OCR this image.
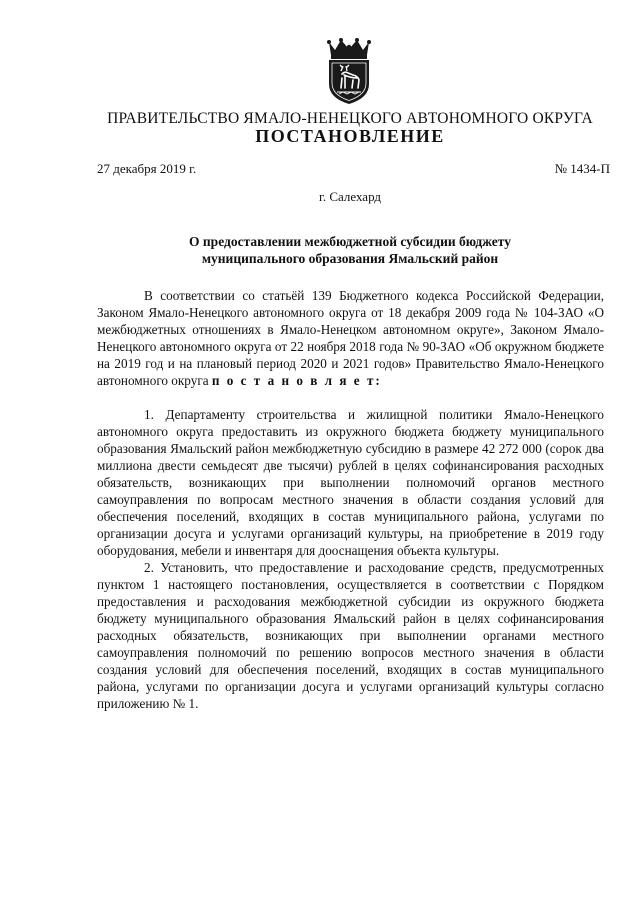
ПРАВИТЕЛЬСТВО ЯМАЛО-НЕНЕЦКОГО АВТОНОМНОГО ОКРУГА
ПОСТАНОВЛЕНИЕ
27 декабря 2019 г.	№ 1434-П
г. Салехард
О предоставлении межбюджетной субсидии бюджету
муниципального образования Ямальский район

В соответствии со статьёй 139 Бюджетного кодекса Российской Федерации, Законом Ямало-Ненецкого автономного округа от 18 декабря 2009 года № 104-ЗАО «О межбюджетных отношениях в Ямало-Ненецком автономном округе», Законом Ямало-Ненецкого автономного округа от 22 ноября 2018 года № 90-ЗАО «Об окружном бюджете на 2019 год и на плановый период 2020 и 2021 годов» Правительство Ямало-Ненецкого автономного округа п о с т а н о в л я е т:

1. Департаменту строительства и жилищной политики Ямало-Ненецкого автономного округа предоставить из окружного бюджета бюджету муниципального образования Ямальский район межбюджетную субсидию в размере 42 272 000 (сорок два миллиона двести семьдесят две тысячи) рублей в целях софинансирования расходных обязательств, возникающих при выполнении полномочий органов местного самоуправления по вопросам местного значения в области создания условий для обеспечения поселений, входящих в состав муниципального района, услугами по организации досуга и услугами организаций культуры, на приобретение в 2019 году оборудования, мебели и инвентаря для дооснащения объекта культуры.

2. Установить, что предоставление и расходование средств, предусмотренных пунктом 1 настоящего постановления, осуществляется в соответствии с Порядком предоставления и расходования межбюджетной субсидии из окружного бюджета бюджету муниципального образования Ямальский район в целях софинансирования расходных обязательств, возникающих при выполнении органами местного самоуправления полномочий по решению вопросов местного значения в области создания условий для обеспечения поселений, входящих в состав муниципального района, услугами по организации досуга и услугами организаций культуры согласно приложению № 1.
